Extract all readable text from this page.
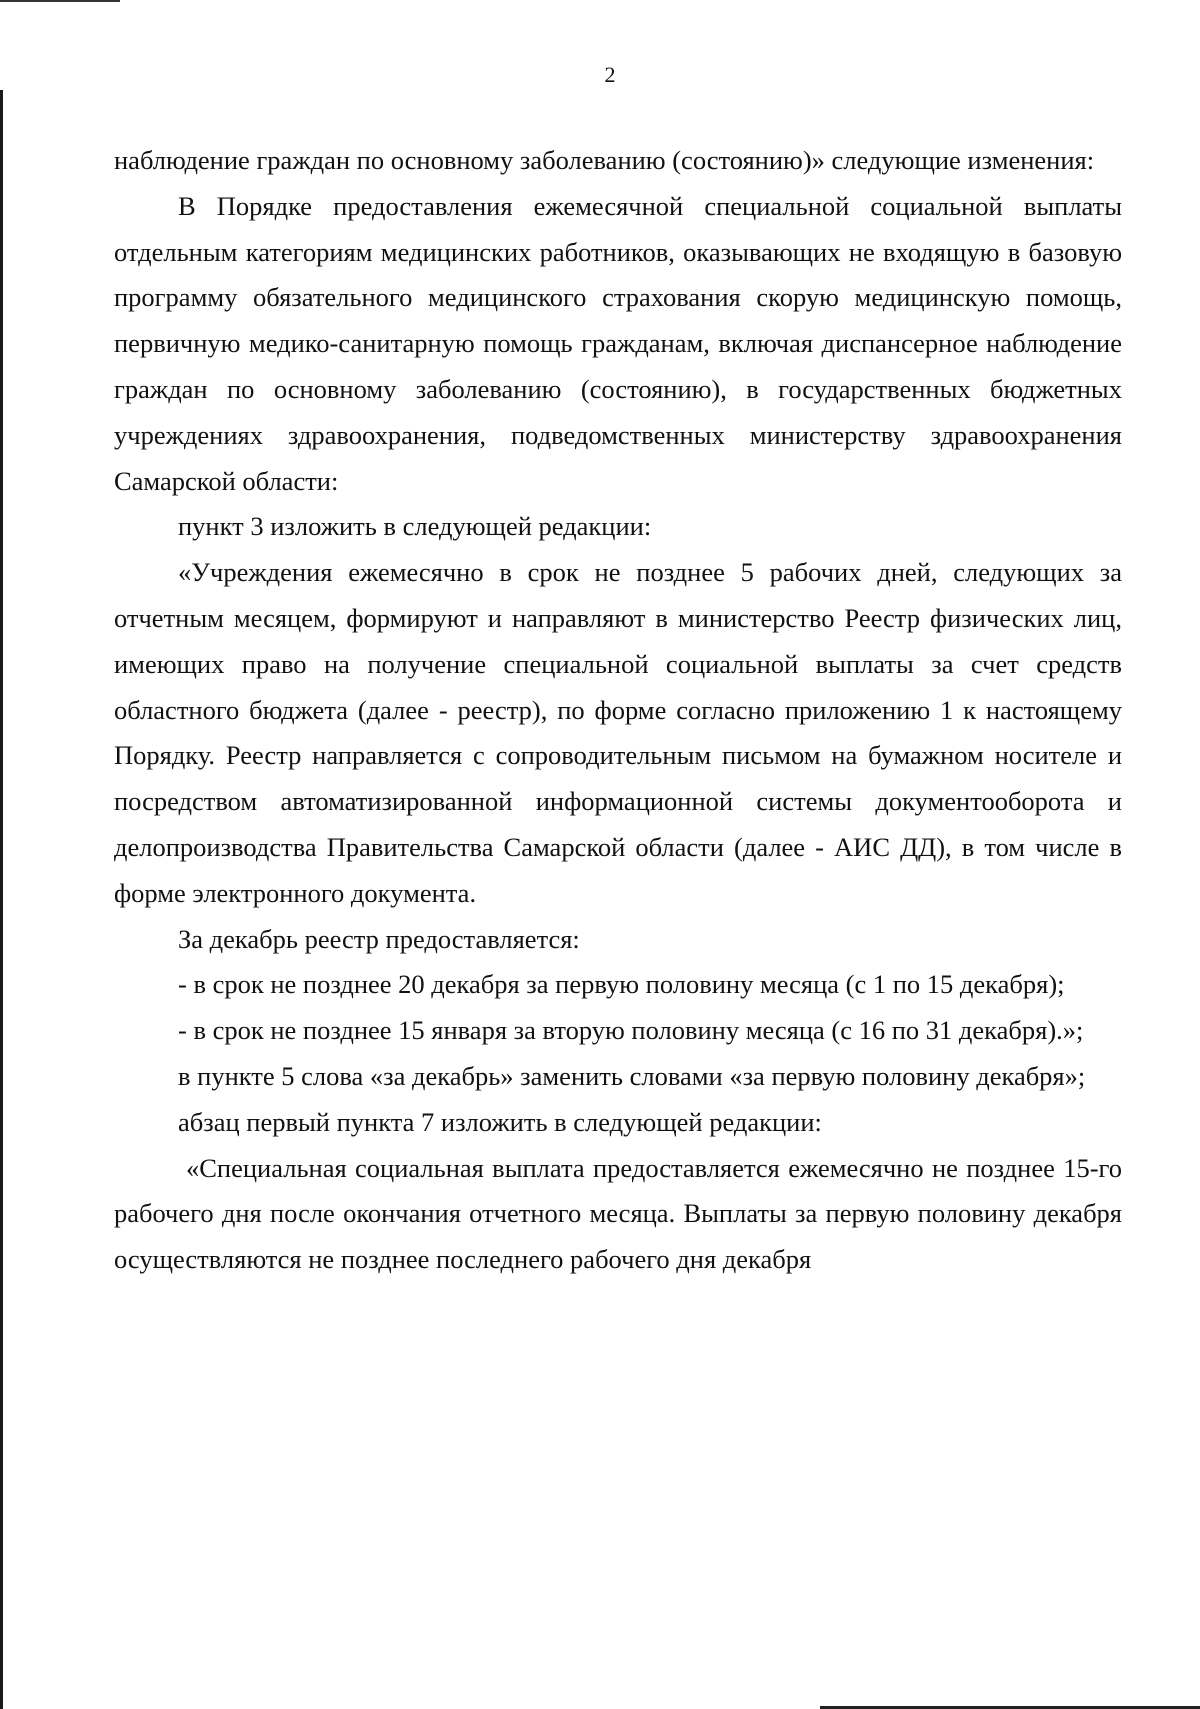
2

наблюдение граждан по основному заболеванию (состоянию)» следующие изменения:

В Порядке предоставления ежемесячной специальной социальной выплаты отдельным категориям медицинских работников, оказывающих не входящую в базовую программу обязательного медицинского страхования скорую медицинскую помощь, первичную медико-санитарную помощь гражданам, включая диспансерное наблюдение граждан по основному заболеванию (состоянию), в государственных бюджетных учреждениях здравоохранения, подведомственных министерству здравоохранения Самарской области:

пункт 3 изложить в следующей редакции:

«Учреждения ежемесячно в срок не позднее 5 рабочих дней, следующих за отчетным месяцем, формируют и направляют в министерство Реестр физических лиц, имеющих право на получение специальной социальной выплаты за счет средств областного бюджета (далее - реестр), по форме согласно приложению 1 к настоящему Порядку. Реестр направляется с сопроводительным письмом на бумажном носителе и посредством автоматизированной информационной системы документооборота и делопроизводства Правительства Самарской области (далее - АИС ДД), в том числе в форме электронного документа.

За декабрь реестр предоставляется:

- в срок не позднее 20 декабря за первую половину месяца (с 1 по 15 декабря);

- в срок не позднее 15 января за вторую половину месяца (с 16 по 31 декабря).»;

в пункте 5 слова «за декабрь» заменить словами «за первую половину декабря»;

абзац первый пункта 7 изложить в следующей редакции:

«Специальная социальная выплата предоставляется ежемесячно не позднее 15-го рабочего дня после окончания отчетного месяца. Выплаты за первую половину декабря осуществляются не позднее последнего рабочего дня декабря
